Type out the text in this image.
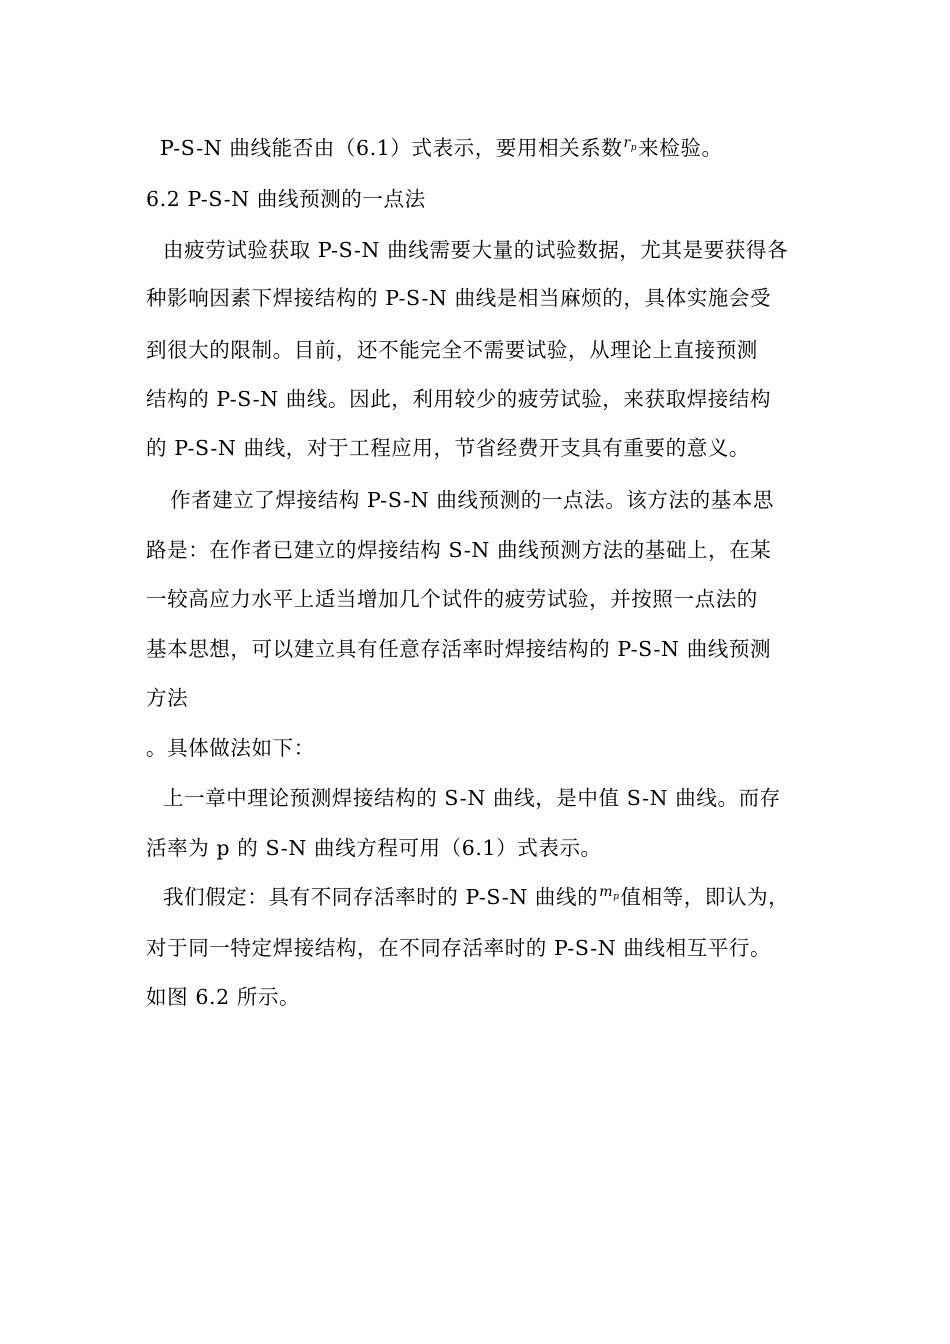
P-S-N 曲线能否由（6.1）式表示，要用相关系数$^{r_p}$来检验。
6.2 P-S-N 曲线预测的一点法
由疲劳试验获取 P-S-N 曲线需要大量的试验数据，尤其是要获得各
种影响因素下焊接结构的 P-S-N 曲线是相当麻烦的，具体实施会受
到很大的限制。目前，还不能完全不需要试验，从理论上直接预测
结构的 P-S-N 曲线。因此，利用较少的疲劳试验，来获取焊接结构
的 P-S-N 曲线，对于工程应用，节省经费开支具有重要的意义。
作者建立了焊接结构 P-S-N 曲线预测的一点法。该方法的基本思
路是：在作者已建立的焊接结构 S-N 曲线预测方法的基础上，在某
一较高应力水平上适当增加几个试件的疲劳试验，并按照一点法的
基本思想，可以建立具有任意存活率时焊接结构的 P-S-N 曲线预测
方法
。具体做法如下：
上一章中理论预测焊接结构的 S-N 曲线，是中值 S-N 曲线。而存
活率为 p 的 S-N 曲线方程可用（6.1）式表示。
我们假定：具有不同存活率时的 P-S-N 曲线的$^{m_p}$值相等，即认为，
对于同一特定焊接结构，在不同存活率时的 P-S-N 曲线相互平行。
如图 6.2 所示。
